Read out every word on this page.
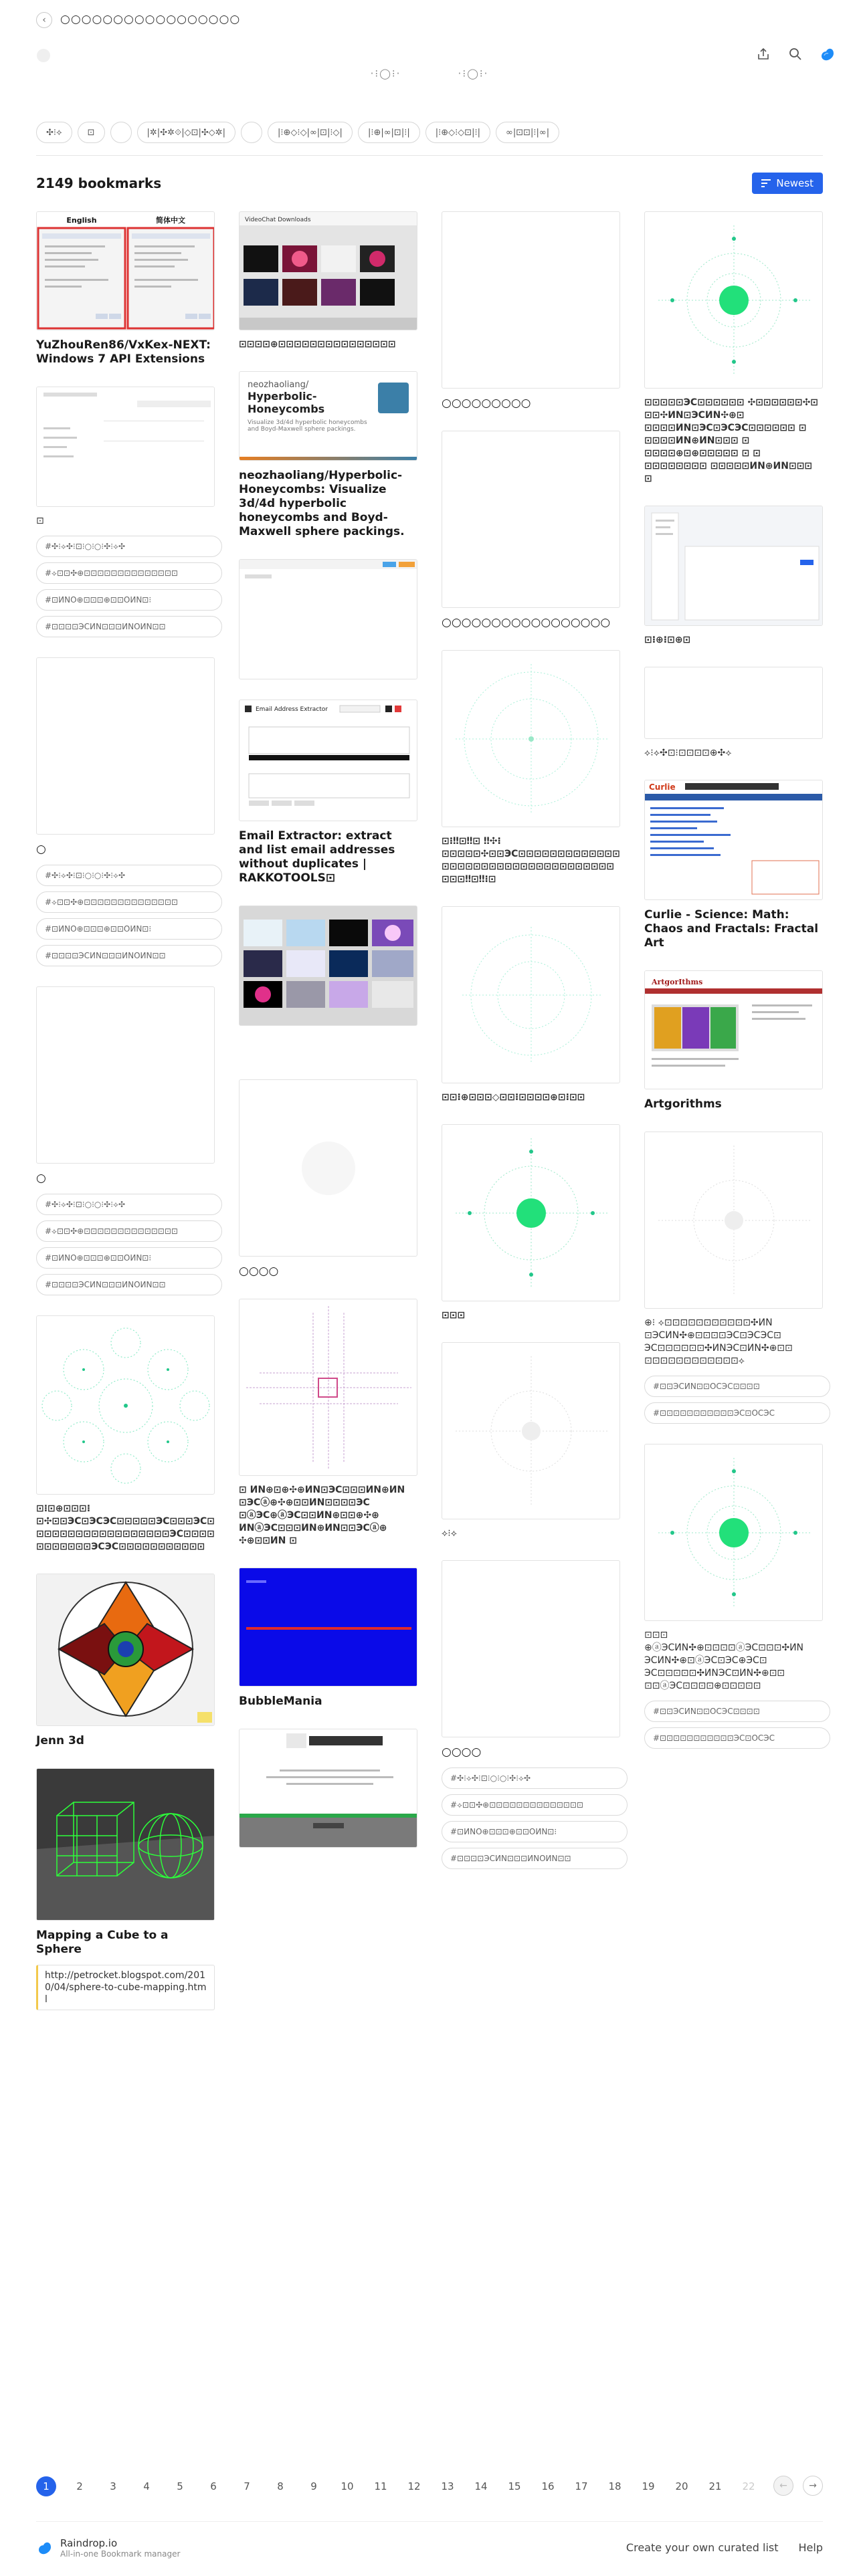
‹ ○○○○○○○○○○○○○○○○○
·⁝◯⁝·	·⁝◯⁝·
✣⁝⟡	⊡	|✲|✣✲⟐|◇⊡|✣◇✲|	|⁝⊕◇⁝◇|∞|⊡|⁝◇|	|⁝⊕|∞|⊡|⁝|	|⁝⊕◇⁝◇⊡|⁝|	∞|⊡⊡|⁝|∞|
2149 bookmarks	Newest
English	简体中文
YuZhouRen86/VxKex-NEXT: Windows 7 API Extensions
⊡
#✣⁝⟡✣⁝⊡⁝○⁝○⁝✣⁝⟡✣
#⟡⊡⊡✣⊕⊡⊡⊡⊡⊡⊡⊡⊡⊡⊡⊡⊡⊡⊡
#⊡ИΝΟ⊕⊡⊡⊡⊕⊡⊡ΟИΝ⊡⁝
#⊡⊡⊡⊡ЭСИΝ⊡⊡⊡ИΝΟИΝ⊡⊡
○
#✣⁝⟡✣⁝⊡⁝○⁝○⁝✣⁝⟡✣
#⟡⊡⊡✣⊕⊡⊡⊡⊡⊡⊡⊡⊡⊡⊡⊡⊡⊡⊡
#⊡ИΝΟ⊕⊡⊡⊡⊕⊡⊡ΟИΝ⊡⁝
#⊡⊡⊡⊡ЭСИΝ⊡⊡⊡ИΝΟИΝ⊡⊡
○
#✣⁝⟡✣⁝⊡⁝○⁝○⁝✣⁝⟡✣
#⟡⊡⊡✣⊕⊡⊡⊡⊡⊡⊡⊡⊡⊡⊡⊡⊡⊡⊡
#⊡ИΝΟ⊕⊡⊡⊡⊕⊡⊡ΟИΝ⊡⁝
#⊡⊡⊡⊡ЭСИΝ⊡⊡⊡ИΝΟИΝ⊡⊡
⊡⁝⊡⊕⊡⊡⊡⁝⊡✣⊡⊡ЭС⊡ЭСЭС⊡⊡⊡⊡⊡ЭС⊡⊡⊡ЭС⊡⊡⊡⊡⊡⊡⊡⊡⊡⊡⊡⊡⊡⊡⊡⊡⊡⊡ЭС⊡⊡⊡⊡⊡⊡⊡⊡⊡⊡⊡ЭСЭС⊡⊡⊡⊡⊡⊡⊡⊡⊡⊡⊡
Jenn 3d
Mapping a Cube to a Sphere
http://petrocket.blogspot.com/2010/04/sphere-to-cube-mapping.html
VideoChat Downloads
⊡⊡⊡⊡⊕⊡⊡⊡⊡⊡⊡⊡⊡⊡⊡⊡⊡⊡⊡⊡
neozhaoliang/
Hyperbolic-Honeycombs
Visualize 3d/4d hyperbolic honeycombs and Boyd-Maxwell sphere packings.
neozhaoliang/Hyperbolic-Honeycombs: Visualize 3d/4d hyperbolic honeycombs and Boyd-Maxwell sphere packings.
Email Address Extractor
Email Extractor: extract and list email addresses without duplicates | RAKKOTOOLS⊡
○○○○
⊡ ИΝ⊕⊡⊕✣⊕ИΝ⊡ЭС⊡⊡⊡ИΝ⊕ИΝ ⊡ЭСⓐ⊕✣⊕⊡⊡ИΝ⊡⊡⊡⊡ЭС ⊡ⓐЭС⊕ⓐЭС⊡⊡ИΝ⊕⊡⊡⊕✣⊕ ИΝⓐЭС⊡⊡⊡ИΝ⊕ИΝ⊡⊡ЭСⓐ⊕ ✣⊕⊡⊡ИΝ ⊡
BubbleMania
○○○○○○○○○
○○○○○○○○○○○○○○○○○
⊡⁝‼⊡‼⊡ ‼✣⁝⊡⊡⊡⊡⊡✣⊡⊡ЭС⊡⊡⊡⊡⊡⊡⊡⊡⊡⊡⊡⊡⊡⊡⊡⊡⊡⊡⊡⊡⊡⊡⊡⊡⊡⊡⊡⊡⊡⊡⊡⊡⊡⊡⊡⊡⊡⊡‼⊡‼⁝⊡
⊡⊡⁝⊕⊡⊡⊡◇⊡⊡⁝⊡⊡⊡⊡⊕⊡⁝⊡⊡
⊡⊡⊡
⟡⁝⟡
○○○○
#✣⁝⟡✣⁝⊡⁝○⁝○⁝✣⁝⟡✣
#⟡⊡⊡✣⊕⊡⊡⊡⊡⊡⊡⊡⊡⊡⊡⊡⊡⊡⊡
#⊡ИΝΟ⊕⊡⊡⊡⊕⊡⊡ΟИΝ⊡⁝
#⊡⊡⊡⊡ЭСИΝ⊡⊡⊡ИΝΟИΝ⊡⊡
⊡⊡⊡⊡⊡ЭС⊡⊡⊡⊡⊡⊡ ✣⊡⊡⊡⊡⊡⊡✣⊡ ⊡⊡✣ИΝ⊡ЭСИΝ✣⊕⊡ ⊡⊡⊡⊡ИΝ⊡ЭС⊡ЭСЭС⊡⊡⊡⊡⊡⊡ ⊡ ⊡⊡⊡⊡ИΝ⊕ИΝ⊡⊡⊡ ⊡ ⊡⊡⊡⊡⊕⊡⊕⊡⊡⊡⊡⊡ ⊡ ⊡ ⊡⊡⊡⊡⊡⊡⊡⊡ ⊡⊡⊡⊡⊡ИΝ⊕ИΝ⊡⊡⊡ ⊡
⊡⁝⊕⁝⊡⊕⊡
⟡⁝⟡✣⊡⁝⊡⊡⊡⊡⊕✣⟡
Curlie
Curlie - Science: Math: Chaos and Fractals: Fractal Art
ArtgorIthms
Artgorithms
⊕⁝ ⟡⊡⊡⊡⊡⊡⊡⊡⊡⊡⊡⊡✣ИΝ ⊡ЭСИΝ✣⊕⊡⊡⊡⊡ЭС⊡ЭСЭС⊡ ЭС⊡⊡⊡⊡⊡⊡✣ИΝЭС⊡ИΝ✣⊕⊡⊡ ⊡⊡⊡⊡⊡⊡⊡⊡⊡⊡⊡⊡⟡
#⊡⊡ЭСИΝ⊡⊡ОСЭС⊡⊡⊡⊡
#⊡⊡⊡⊡⊡⊡⊡⊡⊡⊡⊡ЭС⊡ОСЭС
⊡⊡⊡ ⊕ⓐЭСИΝ✣⊕⊡⊡⊡⊡ⓐЭС⊡⊡⊡✣ИΝ ЭСИΝ✣⊕⊡ⓐЭС⊡ЭС⊕ЭС⊡ ЭС⊡⊡⊡⊡⊡✣ИΝЭС⊡ИΝ✣⊕⊡⊡ ⊡⊡ⓐЭС⊡⊡⊡⊡⊕⊡⊡⊡⊡⊡
#⊡⊡ЭСИΝ⊡⊡ОСЭС⊡⊡⊡⊡
#⊡⊡⊡⊡⊡⊡⊡⊡⊡⊡⊡ЭС⊡ОСЭС
1	2	3	4	5	6	7	8	9	10	11	12	13	14	15	16	17	18	19	20	21	22	← →
Raindrop.io
All-in-one Bookmark manager	Create your own curated list Help
